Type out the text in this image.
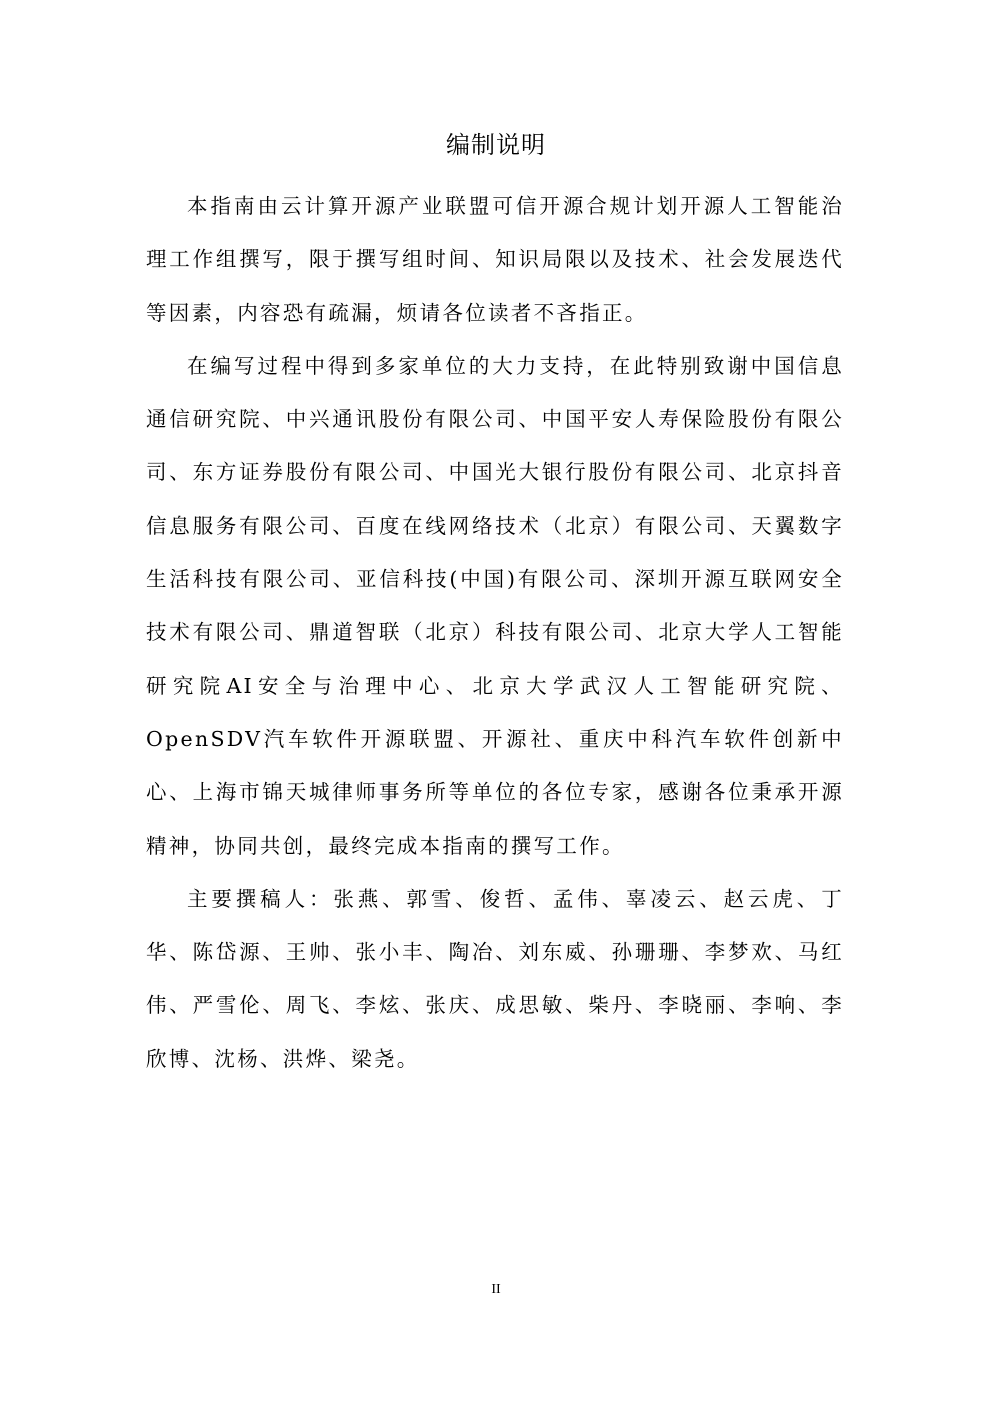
编制说明

本指南由云计算开源产业联盟可信开源合规计划开源人工智能治理工作组撰写，限于撰写组时间、知识局限以及技术、社会发展迭代等因素，内容恐有疏漏，烦请各位读者不吝指正。

在编写过程中得到多家单位的大力支持，在此特别致谢中国信息通信研究院、中兴通讯股份有限公司、中国平安人寿保险股份有限公司、东方证券股份有限公司、中国光大银行股份有限公司、北京抖音信息服务有限公司、百度在线网络技术（北京）有限公司、天翼数字生活科技有限公司、亚信科技(中国)有限公司、深圳开源互联网安全技术有限公司、鼎道智联（北京）科技有限公司、北京大学人工智能研究院AI安全与治理中心、北京大学武汉人工智能研究院、OpenSDV汽车软件开源联盟、开源社、重庆中科汽车软件创新中心、上海市锦天城律师事务所等单位的各位专家，感谢各位秉承开源精神，协同共创，最终完成本指南的撰写工作。

主要撰稿人：张燕、郭雪、俊哲、孟伟、辜凌云、赵云虎、丁华、陈岱源、王帅、张小丰、陶冶、刘东威、孙珊珊、李梦欢、马红伟、严雪伦、周飞、李炫、张庆、成思敏、柴丹、李晓丽、李响、李欣博、沈杨、洪烨、梁尧。

II
